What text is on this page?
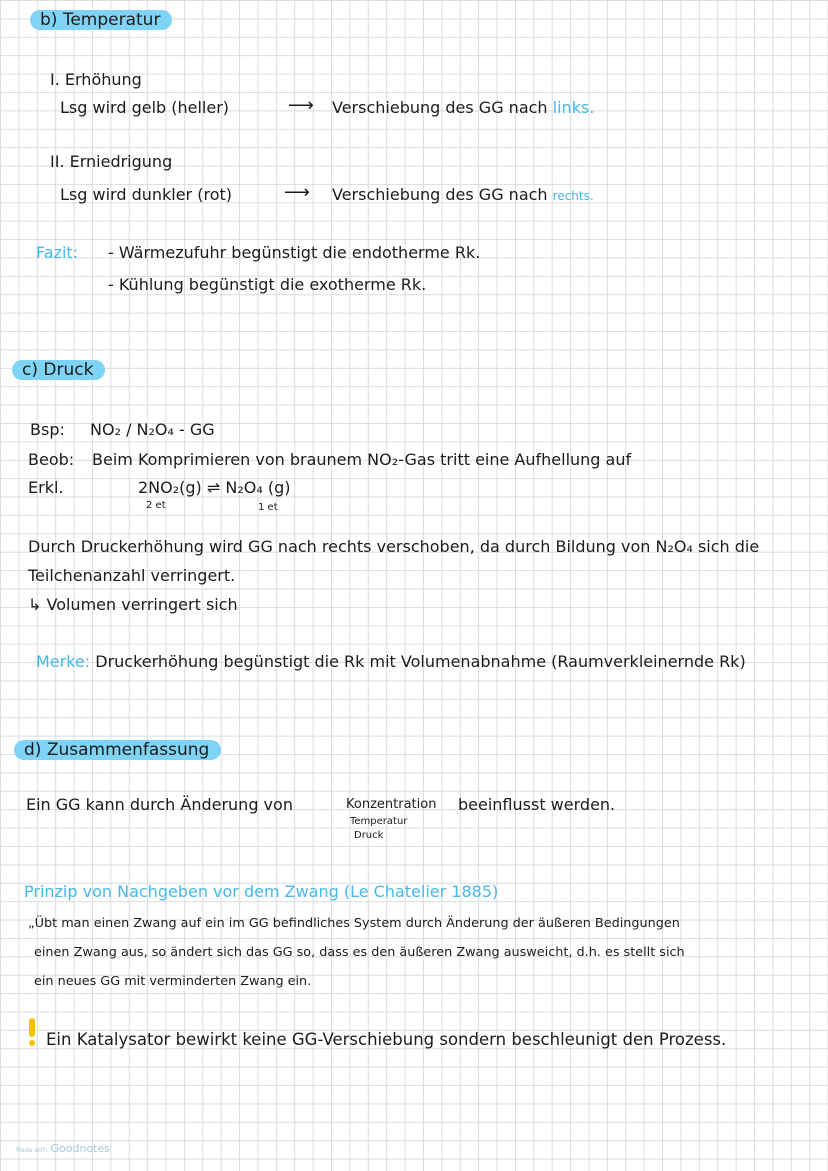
b) Temperatur
I. Erhöhung
Lsg wird gelb (heller)	⟶ Verschiebung des GG nach links.
II. Erniedrigung
Lsg wird dunkler (rot)	⟶ Verschiebung des GG nach rechts.
Fazit: - Wärmezufuhr begünstigt die endotherme Rk.
- Kühlung begünstigt die exotherme Rk.
c) Druck
Bsp: NO₂ / N₂O₄ - GG
Beob: Beim Komprimieren von braunem NO₂-Gas tritt eine Aufhellung auf
Erkl.	2NO₂(g) ⇌ N₂O₄ (g)
2 et	1 et
Durch Druckerhöhung wird GG nach rechts verschoben, da durch Bildung von N₂O₄ sich die
Teilchenanzahl verringert.
↳ Volumen verringert sich
Merke: Druckerhöhung begünstigt die Rk mit Volumenabnahme (Raumverkleinernde Rk)
d) Zusammenfassung
Ein GG kann durch Änderung von	Konzentration
Temperatur
Druck
beeinflusst werden.
Prinzip von Nachgeben vor dem Zwang (Le Chatelier 1885)
„Übt man einen Zwang auf ein im GG befindliches System durch Änderung der äußeren Bedingungen
einen Zwang aus, so ändert sich das GG so, dass es den äußeren Zwang ausweicht, d.h. es stellt sich
ein neues GG mit verminderten Zwang ein.
Ein Katalysator bewirkt keine GG-Verschiebung sondern beschleunigt den Prozess.
Made with Goodnotes
